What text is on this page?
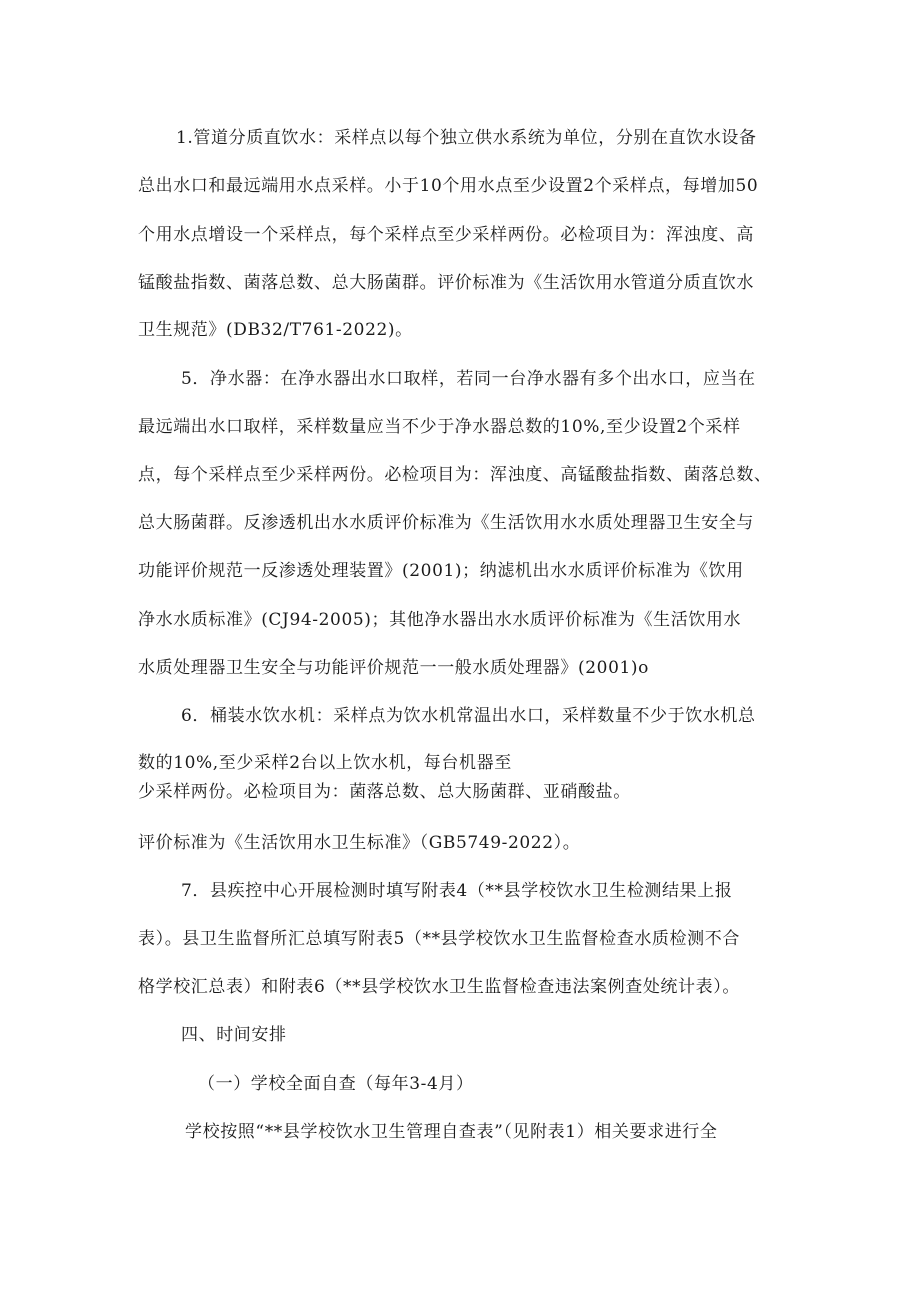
1.管道分质直饮水：采样点以每个独立供水系统为单位，分别在直饮水设备
总出水口和最远端用水点采样。小于10个用水点至少设置2个采样点，每增加50
个用水点增设一个采样点，每个采样点至少采样两份。必检项目为：浑浊度、高
锰酸盐指数、菌落总数、总大肠菌群。评价标准为《生活饮用水管道分质直饮水
卫生规范》(DB32/T761-2022)。
5．净水器：在净水器出水口取样，若同一台净水器有多个出水口，应当在
最远端出水口取样，采样数量应当不少于净水器总数的10%,至少设置2个采样
点，每个采样点至少采样两份。必检项目为：浑浊度、高锰酸盐指数、菌落总数、
总大肠菌群。反渗透机出水水质评价标准为《生活饮用水水质处理器卫生安全与
功能评价规范一反渗透处理装置》(2001)；纳滤机出水水质评价标准为《饮用
净水水质标准》(CJ94-2005)；其他净水器出水水质评价标准为《生活饮用水
水质处理器卫生安全与功能评价规范一一般水质处理器》(2001)o
6．桶装水饮水机：采样点为饮水机常温出水口，采样数量不少于饮水机总
数的10%,至少采样2台以上饮水机，每台机器至
少采样两份。必检项目为：菌落总数、总大肠菌群、亚硝酸盐。
评价标准为《生活饮用水卫生标准》（GB5749-2022）。
7．县疾控中心开展检测时填写附表4（**县学校饮水卫生检测结果上报
表）。县卫生监督所汇总填写附表5（**县学校饮水卫生监督检查水质检测不合
格学校汇总表）和附表6（**县学校饮水卫生监督检查违法案例查处统计表）。
四、时间安排
（一）学校全面自查（每年3-4月）
学校按照“**县学校饮水卫生管理自查表”（见附表1）相关要求进行全
